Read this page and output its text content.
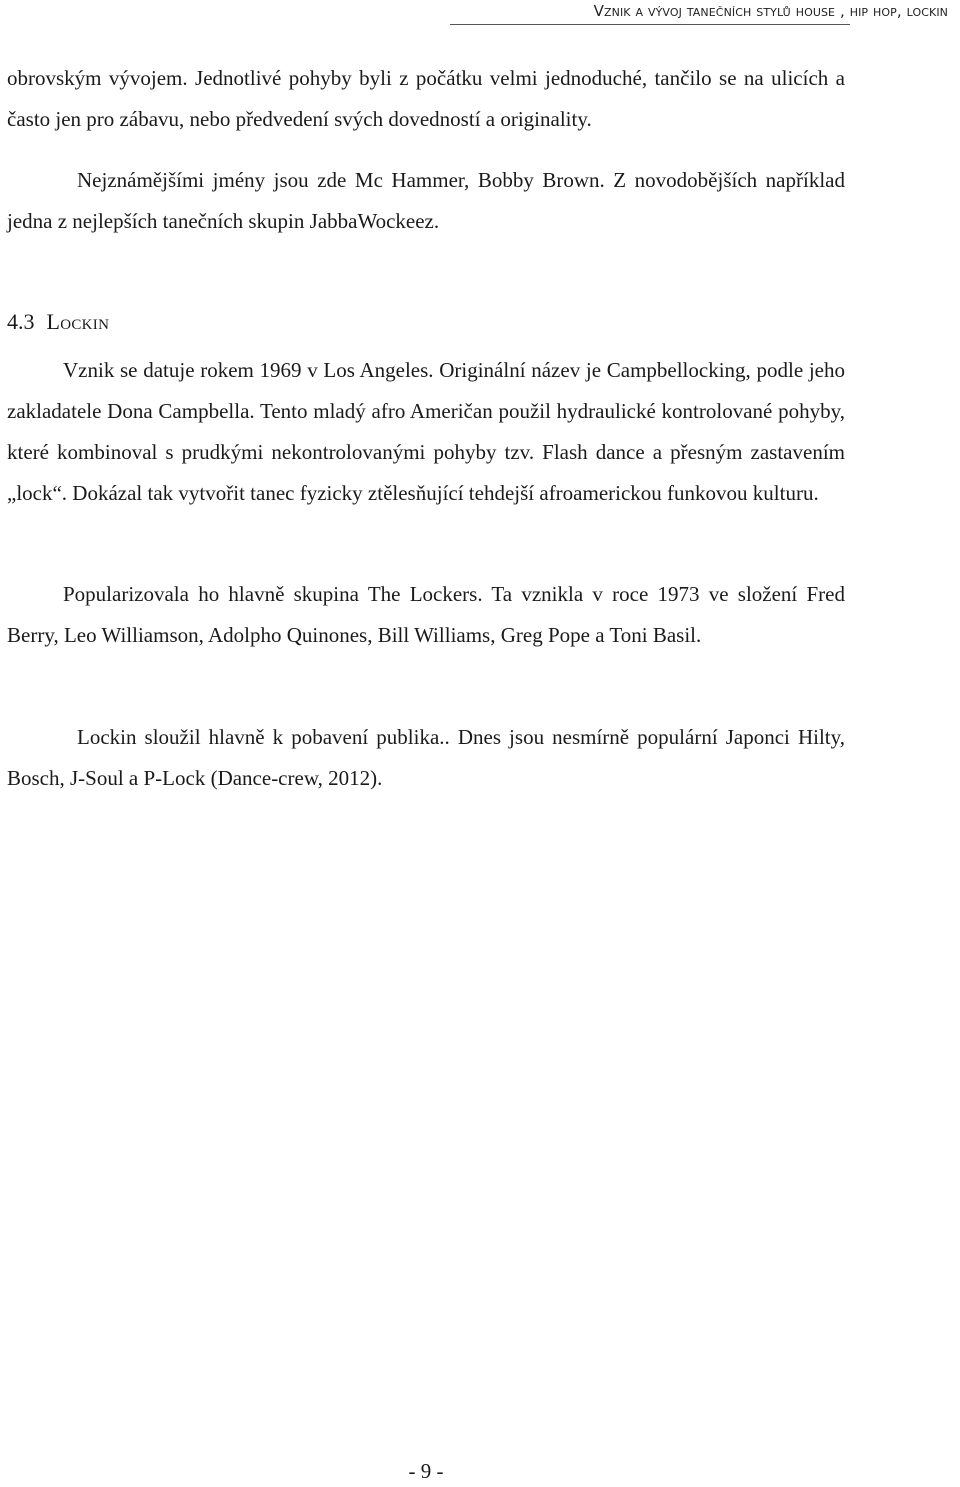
Vznik a vývoj tanečních stylů house , hip hop, lockin

obrovským vývojem. Jednotlivé pohyby byli z počátku velmi jednoduché, tančilo se na ulicích a často jen pro zábavu, nebo předvedení svých dovedností a originality.

Nejznámějšími jmény jsou zde Mc Hammer, Bobby Brown. Z novodobějších například jedna z nejlepších tanečních skupin JabbaWockeez.

4.3 Lockin

Vznik se datuje rokem 1969 v Los Angeles. Originální název je Campbellocking, podle jeho zakladatele Dona Campbella. Tento mladý afro Američan použil hydraulické kontrolované pohyby, které kombinoval s prudkými nekontrolovanými pohyby tzv. Flash dance a přesným zastavením „lock“. Dokázal tak vytvořit tanec fyzicky ztělesňující tehdejší afroamerickou funkovou kulturu.

Popularizovala ho hlavně skupina The Lockers. Ta vznikla v roce 1973 ve složení Fred Berry, Leo Williamson, Adolpho Quinones, Bill Williams, Greg Pope a Toni Basil.

Lockin sloužil hlavně k pobavení publika.. Dnes jsou nesmírně populární Japonci Hilty, Bosch, J-Soul a P-Lock (Dance-crew, 2012).

- 9 -
